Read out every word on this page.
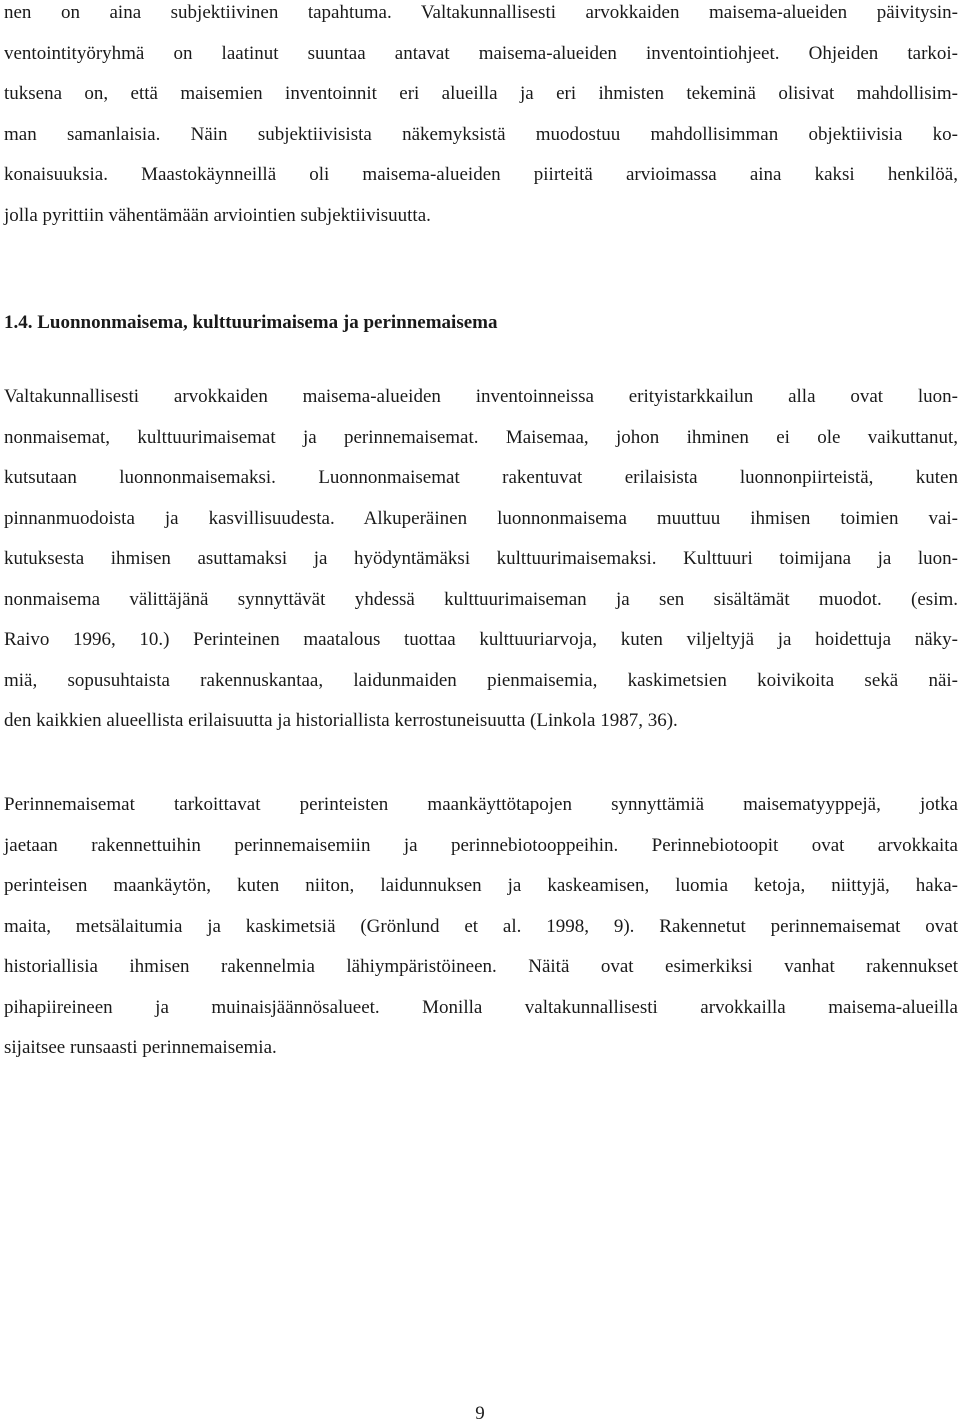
nen on aina subjektiivinen tapahtuma. Valtakunnallisesti arvokkaiden maisema-alueiden päivitysin-
ventointityöryhmä on laatinut suuntaa antavat maisema-alueiden inventointiohjeet. Ohjeiden tarkoi-
tuksena on, että maisemien inventoinnit eri alueilla ja eri ihmisten tekeminä olisivat mahdollisim-
man samanlaisia. Näin subjektiivisista näkemyksistä muodostuu mahdollisimman objektiivisia ko-
konaisuuksia. Maastokäynneillä oli maisema-alueiden piirteitä arvioimassa aina kaksi henkilöä,
jolla pyrittiin vähentämään arviointien subjektiivisuutta.

1.4. Luonnonmaisema, kulttuurimaisema ja perinnemaisema

Valtakunnallisesti arvokkaiden maisema-alueiden inventoinneissa erityistarkkailun alla ovat luon-
nonmaisemat, kulttuurimaisemat ja perinnemaisemat. Maisemaa, johon ihminen ei ole vaikuttanut,
kutsutaan luonnonmaisemaksi. Luonnonmaisemat rakentuvat erilaisista luonnonpiirteistä, kuten
pinnanmuodoista ja kasvillisuudesta. Alkuperäinen luonnonmaisema muuttuu ihmisen toimien vai-
kutuksesta ihmisen asuttamaksi ja hyödyntämäksi kulttuurimaisemaksi. Kulttuuri toimijana ja luon-
nonmaisema välittäjänä synnyttävät yhdessä kulttuurimaiseman ja sen sisältämät muodot. (esim.
Raivo 1996, 10.) Perinteinen maatalous tuottaa kulttuuriarvoja, kuten viljeltyjä ja hoidettuja näky-
miä, sopusuhtaista rakennuskantaa, laidunmaiden pienmaisemia, kaskimetsien koivikoita sekä näi-
den kaikkien alueellista erilaisuutta ja historiallista kerrostuneisuutta (Linkola 1987, 36).

Perinnemaisemat tarkoittavat perinteisten maankäyttötapojen synnyttämiä maisematyyppejä, jotka
jaetaan rakennettuihin perinnemaisemiin ja perinnebiotooppeihin. Perinnebiotoopit ovat arvokkaita
perinteisen maankäytön, kuten niiton, laidunnuksen ja kaskeamisen, luomia ketoja, niittyjä, haka-
maita, metsälaitumia ja kaskimetsiä (Grönlund et al. 1998, 9). Rakennetut perinnemaisemat ovat
historiallisia ihmisen rakennelmia lähiympäristöineen. Näitä ovat esimerkiksi vanhat rakennukset
pihapiireineen ja muinaisjäännösalueet. Monilla valtakunnallisesti arvokkailla maisema-alueilla
sijaitsee runsaasti perinnemaisemia.

9
